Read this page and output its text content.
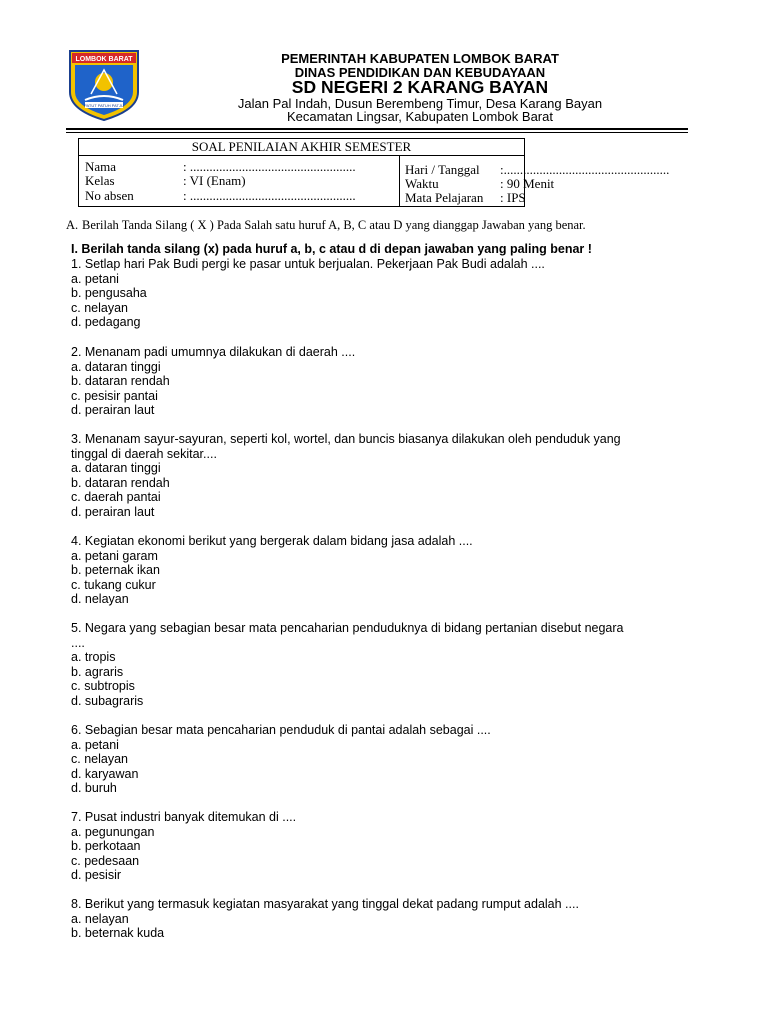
LOMBOK BARAT
PATUT PATUH PATJU
PEMERINTAH KABUPATEN LOMBOK BARAT
DINAS PENDIDIKAN DAN KEBUDAYAAN
SD NEGERI 2 KARANG BAYAN
Jalan Pal Indah, Dusun Berembeng Timur, Desa Karang Bayan
Kecamatan Lingsar, Kabupaten Lombok Barat
SOAL PENILAIAN AKHIR SEMESTER
Nama	: ...................................................
Kelas	: VI (Enam)
No absen	: ...................................................
Hari / Tanggal :...................................................
Waktu	: 90 Menit
Mata Pelajaran : IPS
A. Berilah Tanda Silang ( X ) Pada Salah satu huruf A, B, C atau D yang dianggap Jawaban yang benar.
I. Berilah tanda silang (x) pada huruf a, b, c atau d di depan jawaban yang paling benar !
1. Setlap hari Pak Budi pergi ke pasar untuk berjualan. Pekerjaan Pak Budi adalah ....
a. petani
b. pengusaha
c. nelayan
d. pedagang
2. Menanam padi umumnya dilakukan di daerah ....
a. dataran tinggi
b. dataran rendah
c. pesisir pantai
d. perairan laut
3. Menanam sayur-sayuran, seperti kol, wortel, dan buncis biasanya dilakukan oleh penduduk yang
tinggal di daerah sekitar....
a. dataran tinggi
b. dataran rendah
c. daerah pantai
d. perairan laut
4. Kegiatan ekonomi berikut yang bergerak dalam bidang jasa adalah ....
a. petani garam
b. peternak ikan
c. tukang cukur
d. nelayan
5. Negara yang sebagian besar mata pencaharian penduduknya di bidang pertanian disebut negara
....
a. tropis
b. agraris
c. subtropis
d. subagraris
6. Sebagian besar mata pencaharian penduduk di pantai adalah sebagai ....
a. petani
c. nelayan
d. karyawan
d. buruh
7. Pusat industri banyak ditemukan di ....
a. pegunungan
b. perkotaan
c. pedesaan
d. pesisir
8. Berikut yang termasuk kegiatan masyarakat yang tinggal dekat padang rumput adalah ....
a. nelayan
b. beternak kuda
